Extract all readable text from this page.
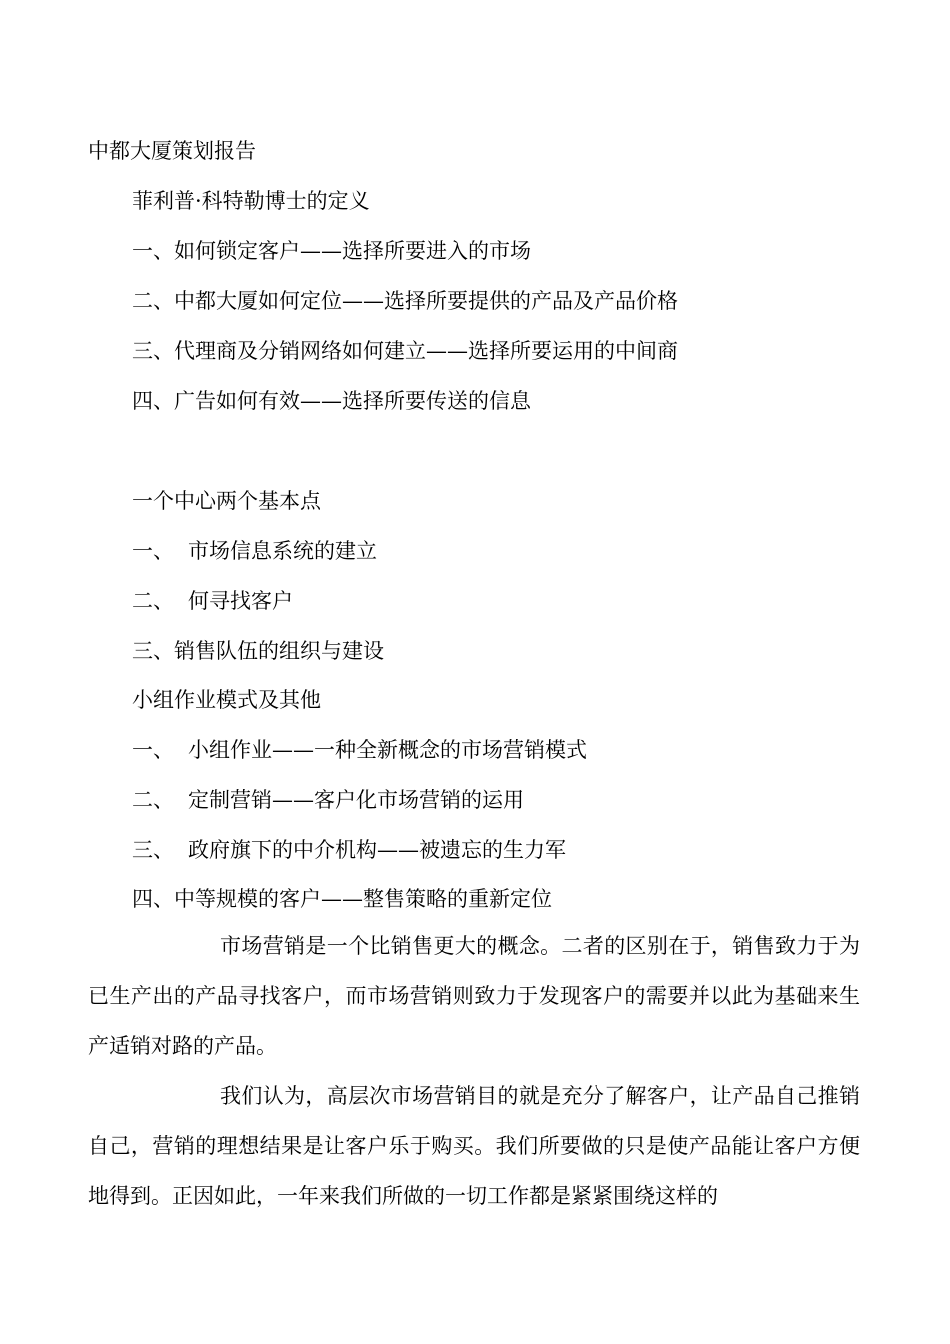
中都大厦策划报告
菲利普·科特勒博士的定义
一、如何锁定客户——选择所要进入的市场
二、中都大厦如何定位——选择所要提供的产品及产品价格
三、代理商及分销网络如何建立——选择所要运用的中间商
四、广告如何有效——选择所要传送的信息
一个中心两个基本点
一、 市场信息系统的建立
二、 何寻找客户
三、销售队伍的组织与建设
小组作业模式及其他
一、 小组作业——一种全新概念的市场营销模式
二、 定制营销——客户化市场营销的运用
三、 政府旗下的中介机构——被遗忘的生力军
四、中等规模的客户——整售策略的重新定位

市场营销是一个比销售更大的概念。二者的区别在于，销售致力于为已生产出的产品寻找客户，而市场营销则致力于发现客户的需要并以此为基础来生产适销对路的产品。

我们认为，高层次市场营销目的就是充分了解客户，让产品自己推销自己，营销的理想结果是让客户乐于购买。我们所要做的只是使产品能让客户方便地得到。正因如此，一年来我们所做的一切工作都是紧紧围绕这样的
